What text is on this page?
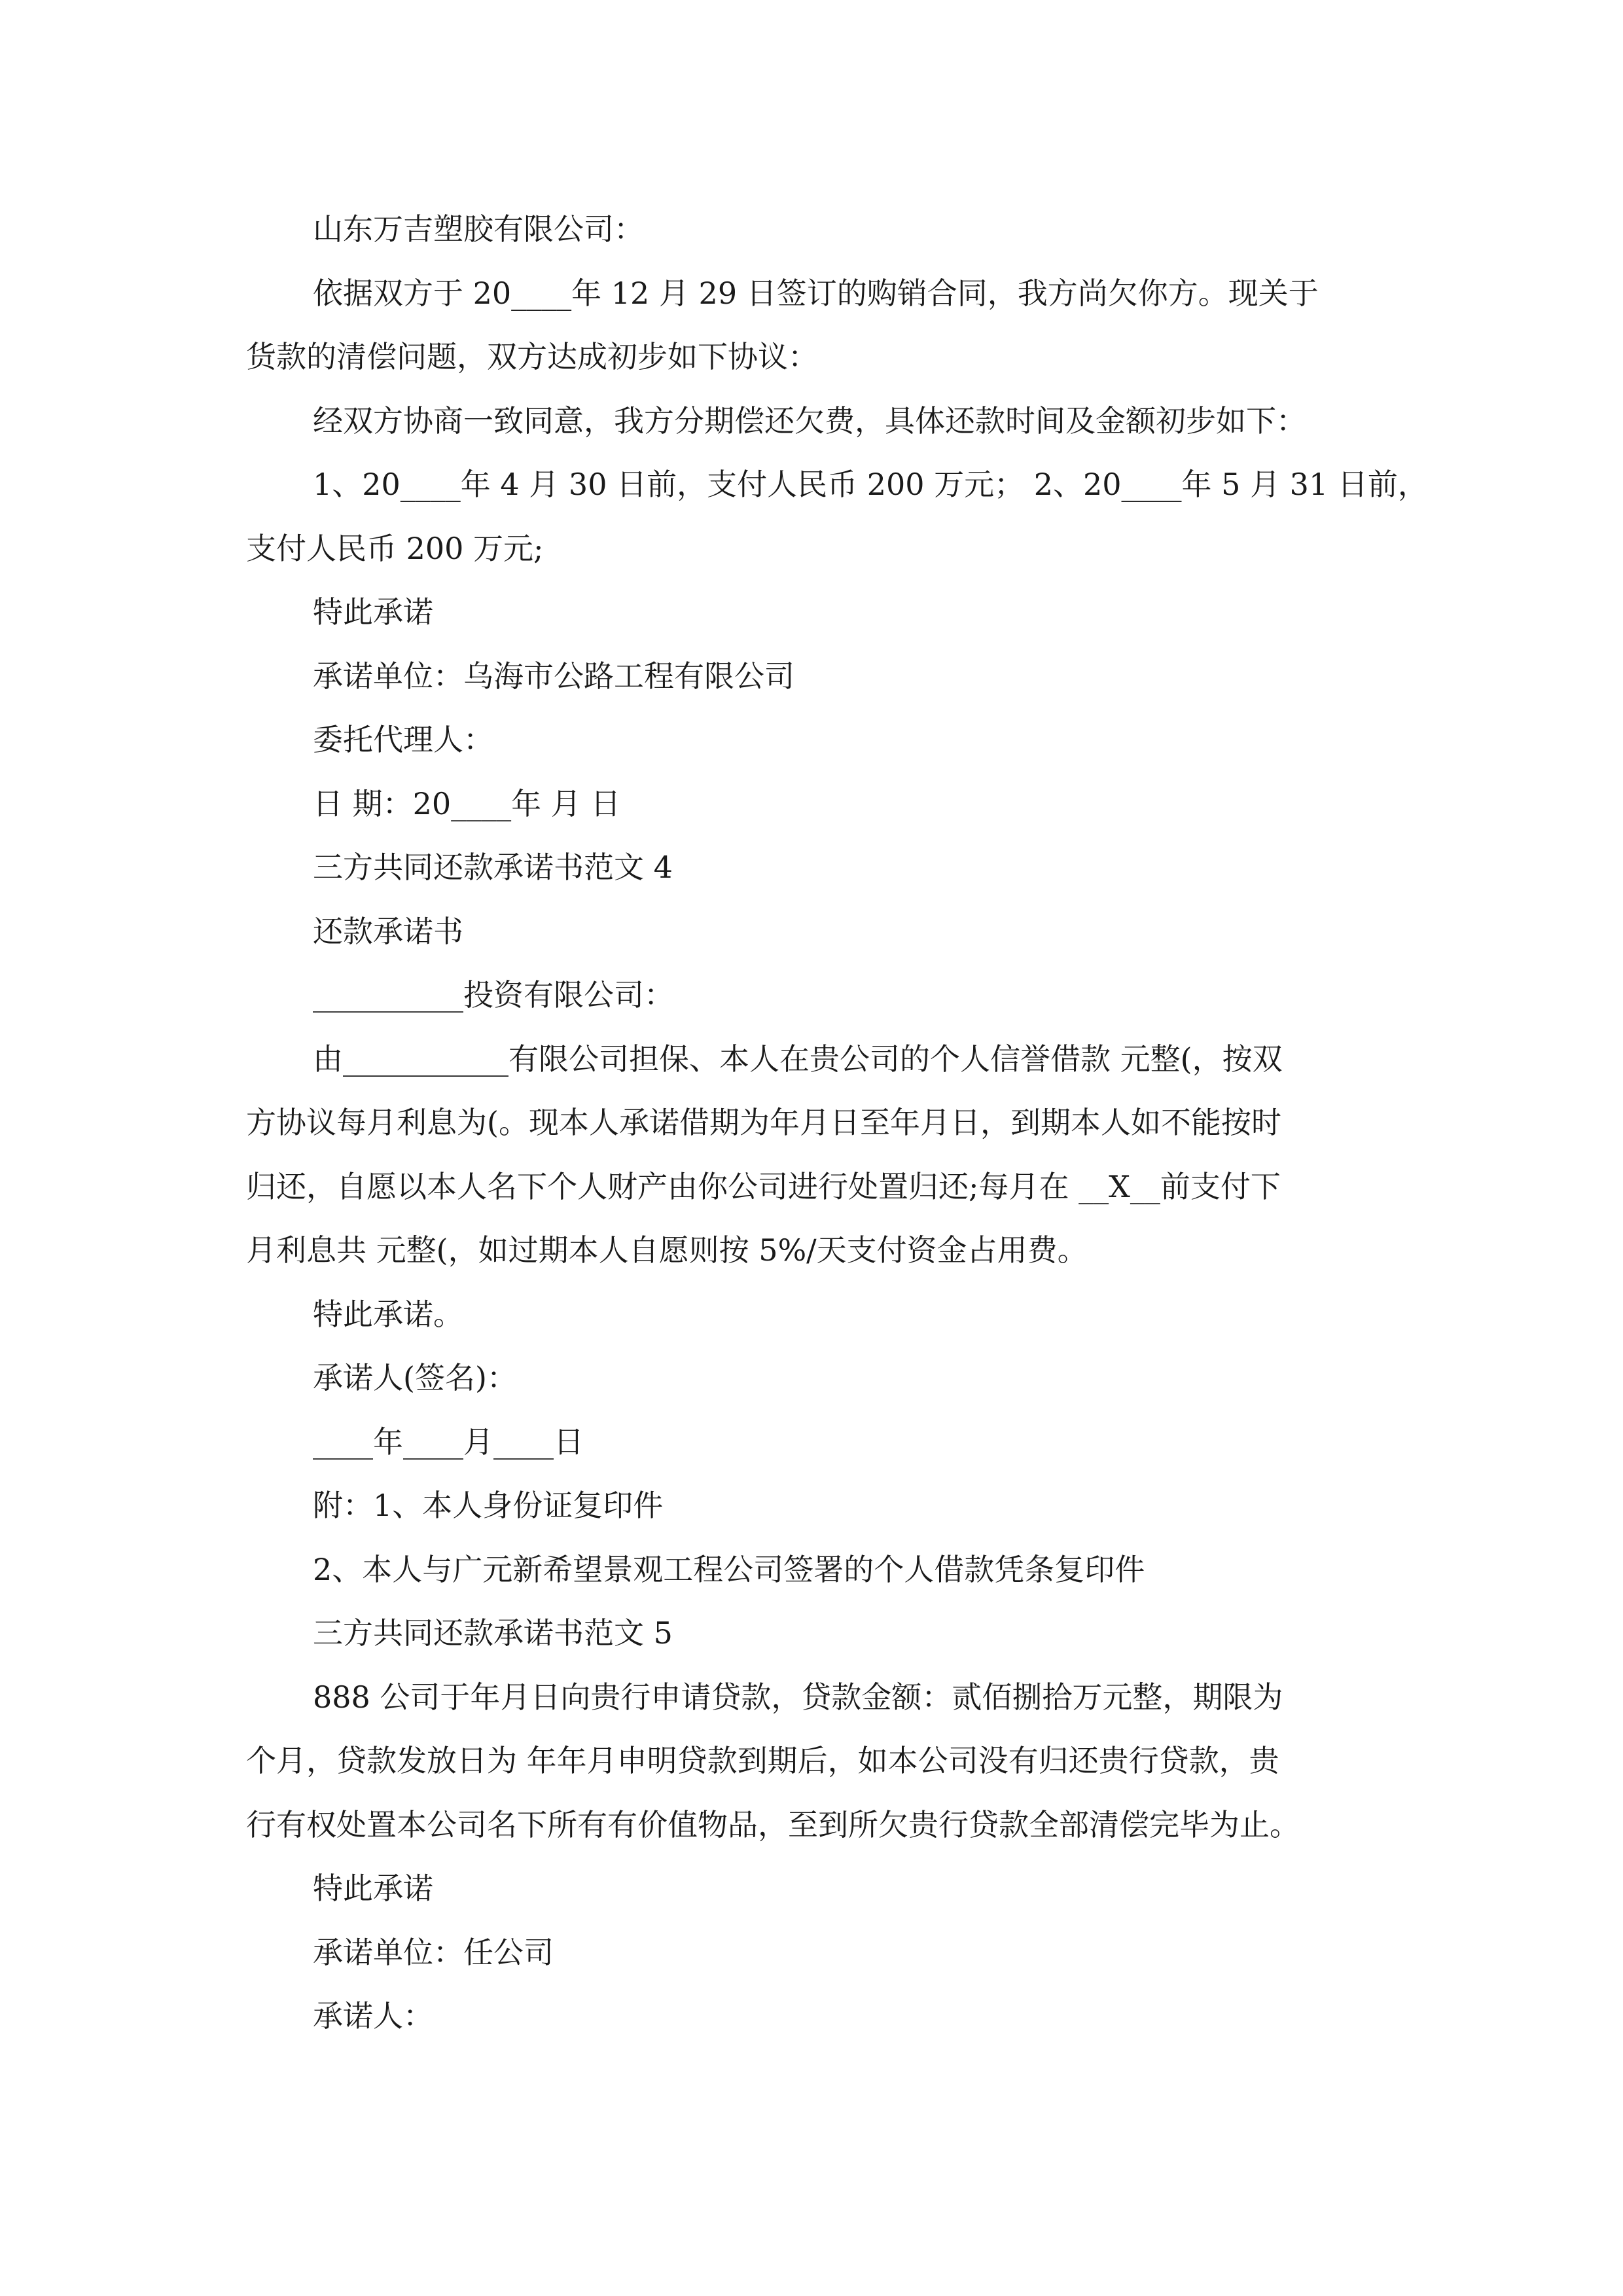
山东万吉塑胶有限公司：

依据双方于 20____年 12 月 29 日签订的购销合同，我方尚欠你方。现关于

货款的清偿问题，双方达成初步如下协议：

经双方协商一致同意，我方分期偿还欠费，具体还款时间及金额初步如下：

1、20____年 4 月 30 日前，支付人民币 200 万元； 2、20____年 5 月 31 日前，

支付人民币 200 万元;

特此承诺

承诺单位：乌海市公路工程有限公司

委托代理人：

日 期：20____年 月 日

三方共同还款承诺书范文 4

还款承诺书

__________投资有限公司：

由___________有限公司担保、本人在贵公司的个人信誉借款 元整(，按双

方协议每月利息为(。现本人承诺借期为年月日至年月日，到期本人如不能按时

归还，自愿以本人名下个人财产由你公司进行处置归还;每月在 __X__前支付下

月利息共 元整(，如过期本人自愿则按 5%/天支付资金占用费。

特此承诺。

承诺人(签名)：

____年____月____日

附：1、本人身份证复印件

2、本人与广元新希望景观工程公司签署的个人借款凭条复印件

三方共同还款承诺书范文 5

888 公司于年月日向贵行申请贷款，贷款金额：贰佰捌拾万元整，期限为

个月，贷款发放日为 年年月申明贷款到期后，如本公司没有归还贵行贷款，贵

行有权处置本公司名下所有有价值物品，至到所欠贵行贷款全部清偿完毕为止。

特此承诺

承诺单位：任公司

承诺人：
